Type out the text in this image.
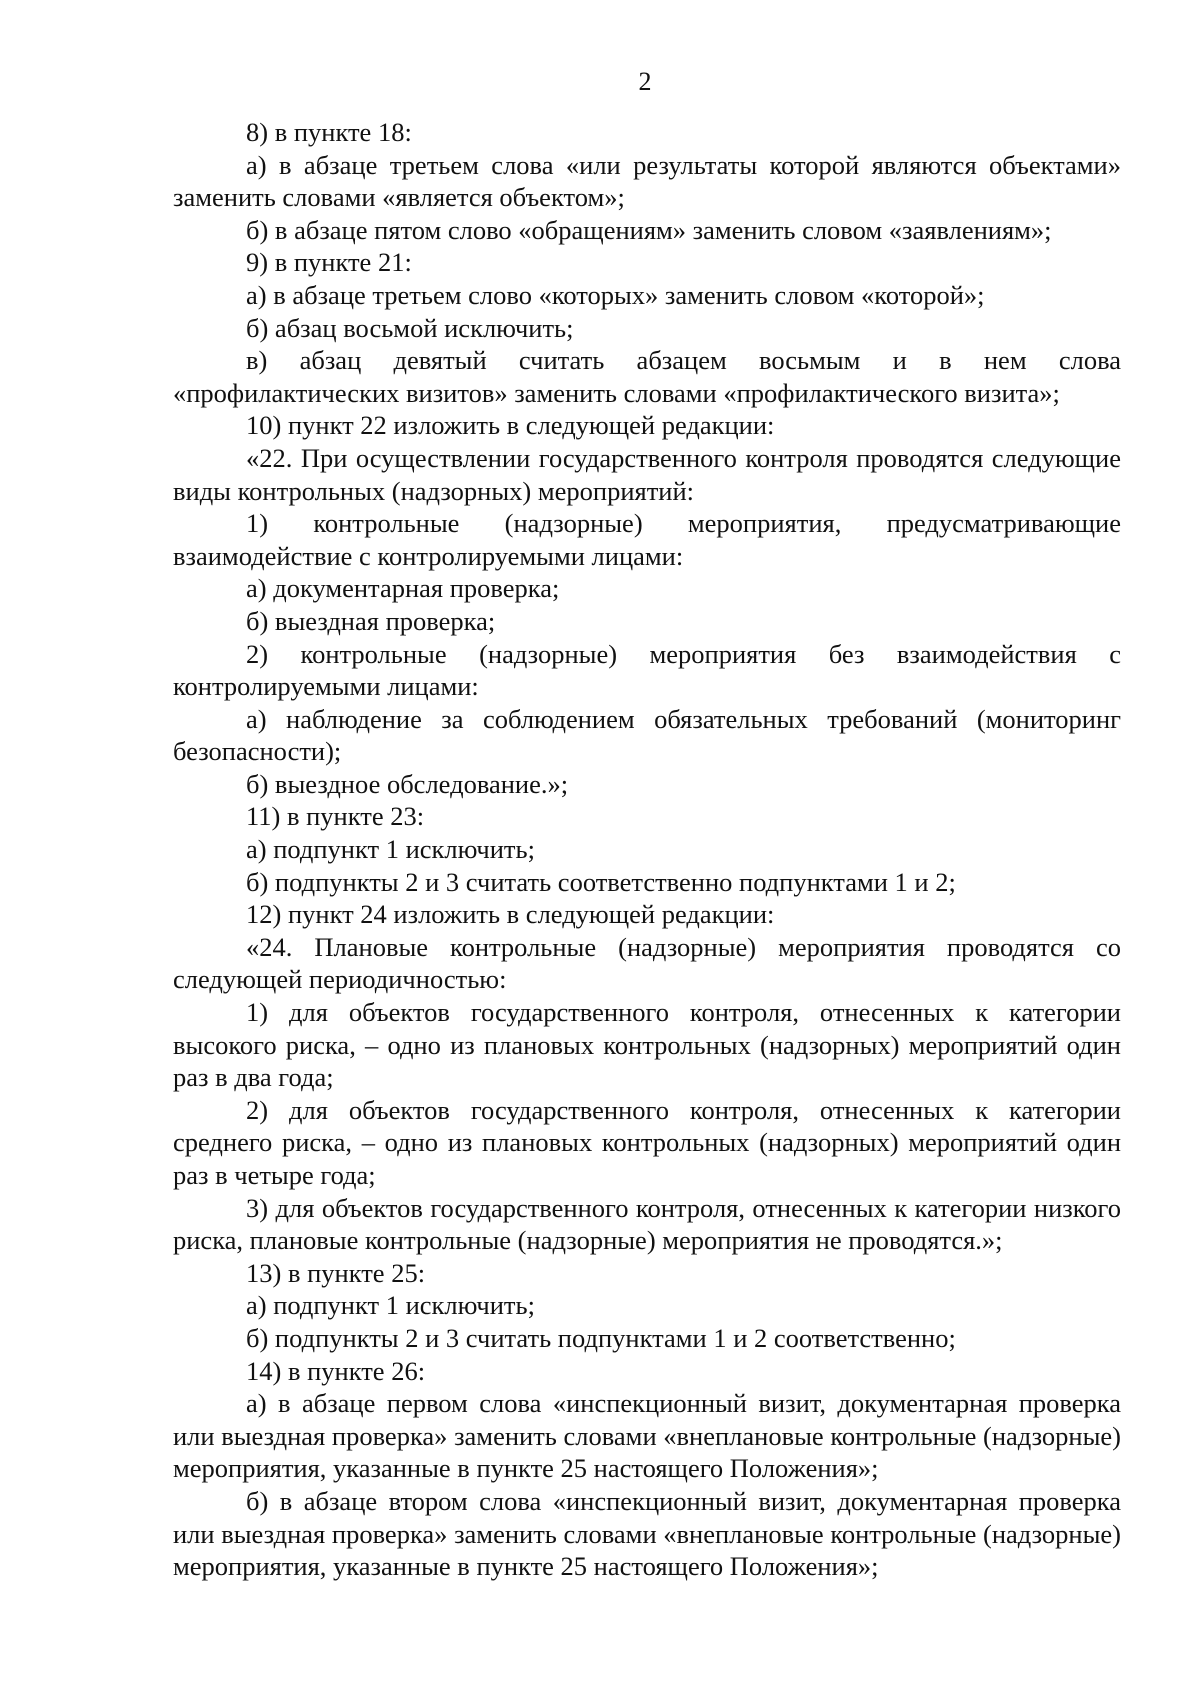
2

8) в пункте 18:

а) в абзаце третьем слова «или результаты которой являются объектами» заменить словами «является объектом»;

б) в абзаце пятом слово «обращениям» заменить словом «заявлениям»;

9) в пункте 21:

а) в абзаце третьем слово «которых» заменить словом «которой»;

б) абзац восьмой исключить;

в) абзац девятый считать абзацем восьмым и в нем слова «профилактических визитов» заменить словами «профилактического визита»;

10) пункт 22 изложить в следующей редакции:

«22. При осуществлении государственного контроля проводятся следующие виды контрольных (надзорных) мероприятий:

1) контрольные (надзорные) мероприятия, предусматривающие взаимодействие с контролируемыми лицами:

а) документарная проверка;

б) выездная проверка;

2) контрольные (надзорные) мероприятия без взаимодействия с контролируемыми лицами:

а) наблюдение за соблюдением обязательных требований (мониторинг безопасности);

б) выездное обследование.»;

11) в пункте 23:

а) подпункт 1 исключить;

б) подпункты 2 и 3 считать соответственно подпунктами 1 и 2;

12) пункт 24 изложить в следующей редакции:

«24. Плановые контрольные (надзорные) мероприятия проводятся со следующей периодичностью:

1) для объектов государственного контроля, отнесенных к категории высокого риска, – одно из плановых контрольных (надзорных) мероприятий один раз в два года;

2) для объектов государственного контроля, отнесенных к категории среднего риска, – одно из плановых контрольных (надзорных) мероприятий один раз в четыре года;

3) для объектов государственного контроля, отнесенных к категории низкого риска, плановые контрольные (надзорные) мероприятия не проводятся.»;

13) в пункте 25:

а) подпункт 1 исключить;

б) подпункты 2 и 3 считать подпунктами 1 и 2 соответственно;

14) в пункте 26:

а) в абзаце первом слова «инспекционный визит, документарная проверка или выездная проверка» заменить словами «внеплановые контрольные (надзорные) мероприятия, указанные в пункте 25 настоящего Положения»;

б) в абзаце втором слова «инспекционный визит, документарная проверка или выездная проверка» заменить словами «внеплановые контрольные (надзорные) мероприятия, указанные в пункте 25 настоящего Положения»;
